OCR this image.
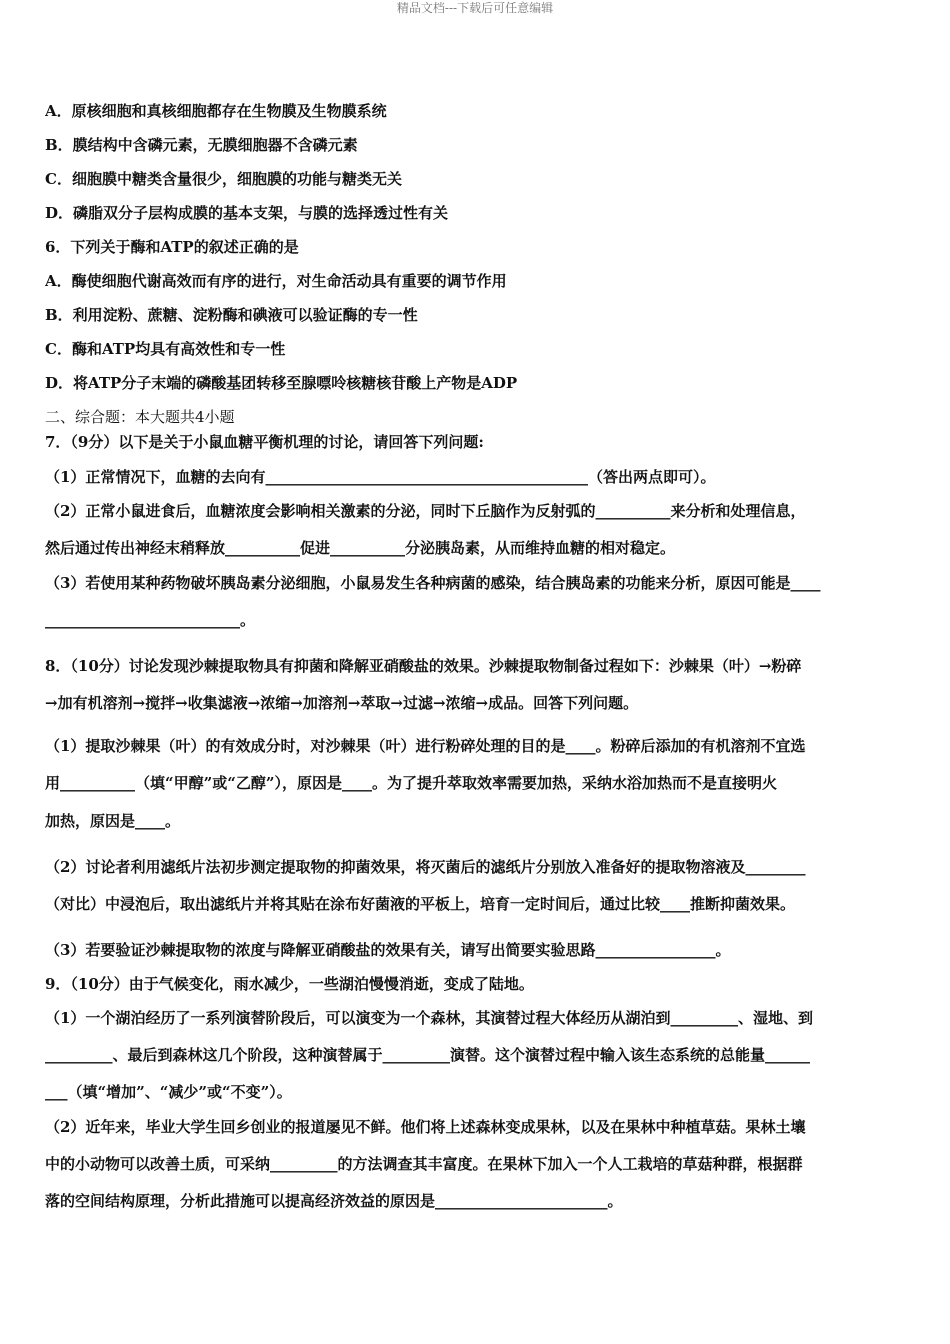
精品文档---下载后可任意编辑
A．原核细胞和真核细胞都存在生物膜及生物膜系统
B．膜结构中含磷元素，无膜细胞器不含磷元素
C．细胞膜中糖类含量很少，细胞膜的功能与糖类无关
D．磷脂双分子层构成膜的基本支架，与膜的选择透过性有关
6．下列关于酶和ATP的叙述正确的是
A．酶使细胞代谢高效而有序的进行，对生命活动具有重要的调节作用
B．利用淀粉、蔗糖、淀粉酶和碘液可以验证酶的专一性
C．酶和ATP均具有高效性和专一性
D．将ATP分子末端的磷酸基团转移至腺嘌呤核糖核苷酸上产物是ADP
二、综合题：本大题共4小题
7．（9分）以下是关于小鼠血糖平衡机理的讨论，请回答下列问题:
（1）正常情况下，血糖的去向有___________________________________________（答出两点即可）。
（2）正常小鼠进食后，血糖浓度会影响相关激素的分泌，同时下丘脑作为反射弧的__________来分析和处理信息，
然后通过传出神经末稍释放__________促进__________分泌胰岛素，从而维持血糖的相对稳定。
（3）若使用某种药物破坏胰岛素分泌细胞，小鼠易发生各种病菌的感染，结合胰岛素的功能来分析，原因可能是____
__________________________。
8．（10分）讨论发现沙棘提取物具有抑菌和降解亚硝酸盐的效果。沙棘提取物制备过程如下：沙棘果（叶）→粉碎
→加有机溶剂→搅拌→收集滤液→浓缩→加溶剂→萃取→过滤→浓缩→成品。回答下列问题。
（1）提取沙棘果（叶）的有效成分时，对沙棘果（叶）进行粉碎处理的目的是____。粉碎后添加的有机溶剂不宜选
用__________（填“甲醇”或“乙醇”），原因是____。为了提升萃取效率需要加热，采纳水浴加热而不是直接明火
加热，原因是____。
（2）讨论者利用滤纸片法初步测定提取物的抑菌效果，将灭菌后的滤纸片分别放入准备好的提取物溶液及________
（对比）中浸泡后，取出滤纸片并将其贴在涂布好菌液的平板上，培育一定时间后，通过比较____推断抑菌效果。
（3）若要验证沙棘提取物的浓度与降解亚硝酸盐的效果有关，请写出简要实验思路________________。
9．（10分）由于气候变化，雨水减少，一些湖泊慢慢消逝，变成了陆地。
（1）一个湖泊经历了一系列演替阶段后，可以演变为一个森林，其演替过程大体经历从湖泊到_________、湿地、到
_________、最后到森林这几个阶段，这种演替属于_________演替。这个演替过程中输入该生态系统的总能量______
___（填“增加”、“减少”或“不变”）。
（2）近年来，毕业大学生回乡创业的报道屡见不鲜。他们将上述森林变成果林，以及在果林中种植草菇。果林土壤
中的小动物可以改善土质，可采纳_________的方法调查其丰富度。在果林下加入一个人工栽培的草菇种群，根据群
落的空间结构原理，分析此措施可以提高经济效益的原因是_______________________。
